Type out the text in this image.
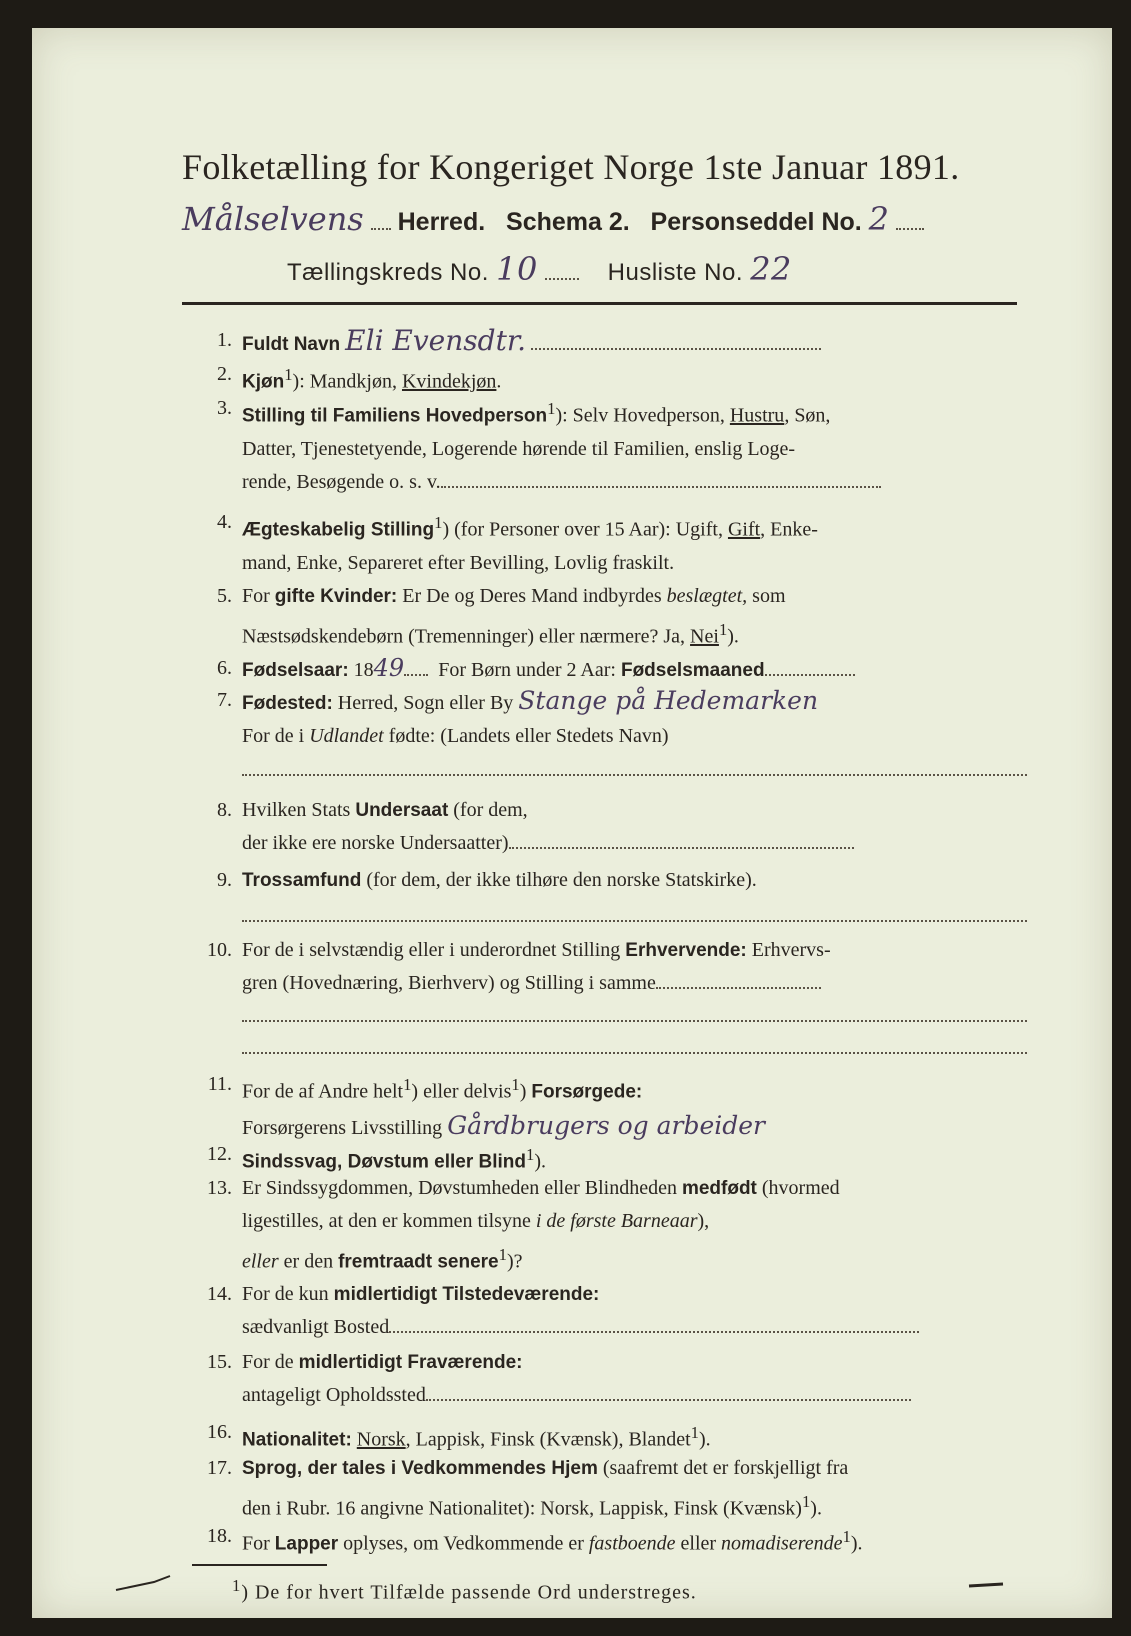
Folketælling for Kongeriget Norge 1ste Januar 1891.
Målselvens Herred. Schema 2. Personseddel No. 2
Tællingskreds No. 10	Husliste No. 22
1. Fuldt Navn Eli Evensdtr.
2. Kjøn$^1$): Mandkjøn, Kvindekjøn.
3. Stilling til Familiens Hovedperson$^1$): Selv Hovedperson, Hustru, Søn,
Datter, Tjenestetyende, Logerende hørende til Familien, enslig Loge-
rende, Besøgende o. s. v.
4. Ægteskabelig Stilling$^1$) (for Personer over 15 Aar): Ugift, Gift, Enke-
mand, Enke, Separeret efter Bevilling, Lovlig fraskilt.
5. For gifte Kvinder: Er De og Deres Mand indbyrdes beslægtet, som
Næstsødskendebørn (Tremenninger) eller nærmere? Ja, Nei$^1$).
6. Fødselsaar: 1849 For Børn under 2 Aar: Fødselsmaaned
7. Fødested: Herred, Sogn eller By Stange på Hedemarken
For de i Udlandet fødte: (Landets eller Stedets Navn)
8. Hvilken Stats Undersaat (for dem,
der ikke ere norske Undersaatter)
9. Trossamfund (for dem, der ikke tilhøre den norske Statskirke).
10. For de i selvstændig eller i underordnet Stilling Erhvervende: Erhvervs-
gren (Hovednæring, Bierhverv) og Stilling i samme
11. For de af Andre helt$^1$) eller delvis$^1$) Forsørgede:
Forsørgerens Livsstilling Gårdbrugers og arbeider
12. Sindssvag, Døvstum eller Blind$^1$).
13. Er Sindssygdommen, Døvstumheden eller Blindheden medfødt (hvormed
ligestilles, at den er kommen tilsyne i de første Barneaar),
eller er den fremtraadt senere$^1$)?
14. For de kun midlertidigt Tilstedeværende:
sædvanligt Bosted
15. For de midlertidigt Fraværende:
antageligt Opholdssted
16. Nationalitet: Norsk, Lappisk, Finsk (Kvænsk), Blandet$^1$).
17. Sprog, der tales i Vedkommendes Hjem (saafremt det er forskjelligt fra
den i Rubr. 16 angivne Nationalitet): Norsk, Lappisk, Finsk (Kvænsk)$^1$).
18. For Lapper oplyses, om Vedkommende er fastboende eller nomadiserende$^1$).
$^1$) De for hvert Tilfælde passende Ord understreges.
